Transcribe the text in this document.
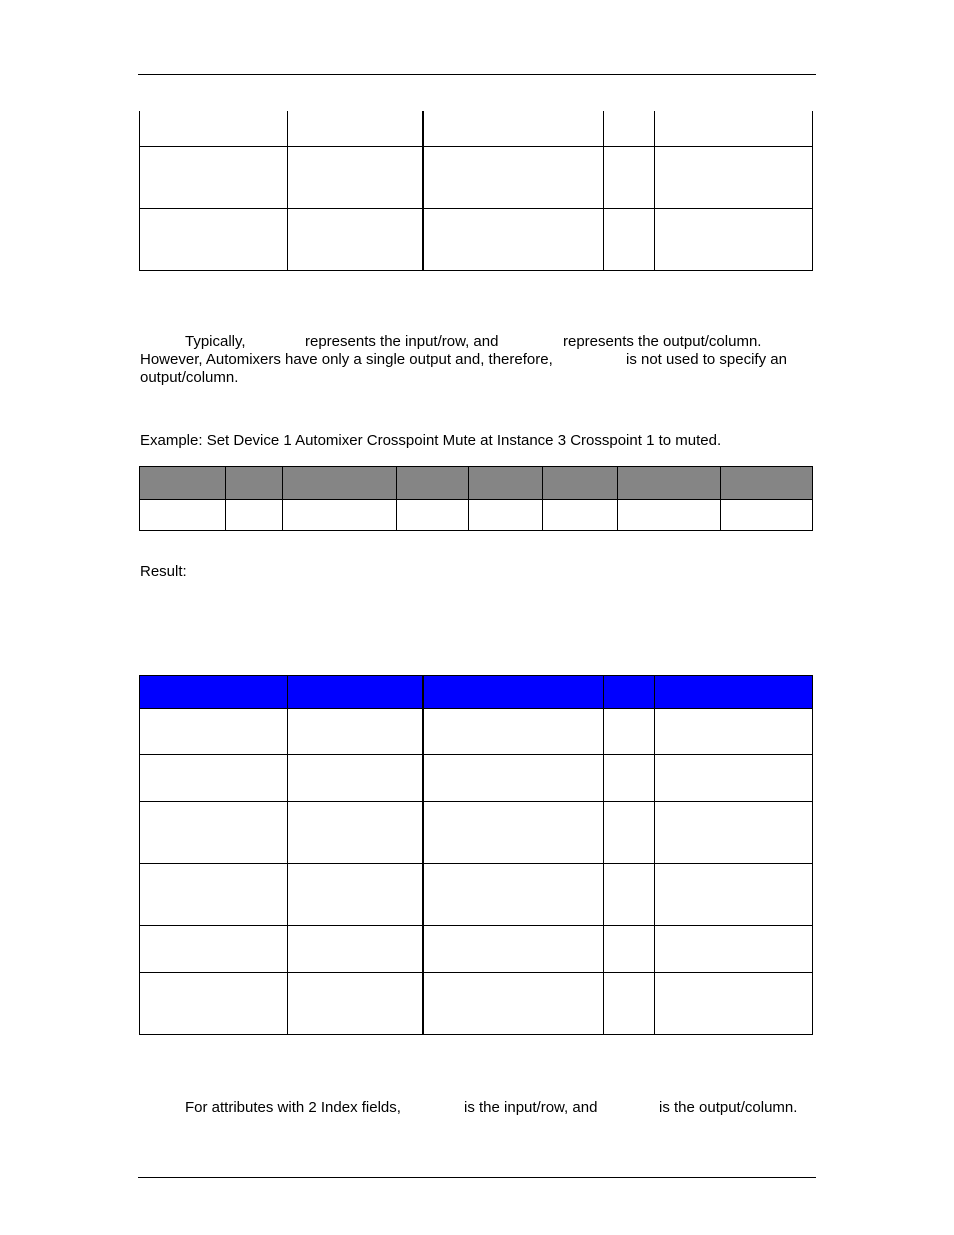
Typically,	represents the input/row, and	represents the output/column.
However, Automixers have only a single output and, therefore,	is not used to specify an
output/column.

Example: Set Device 1 Automixer Crosspoint Mute at Instance 3 Crosspoint 1 to muted.

Result:

For attributes with 2 Index fields,	is the input/row, and	is the output/column.
